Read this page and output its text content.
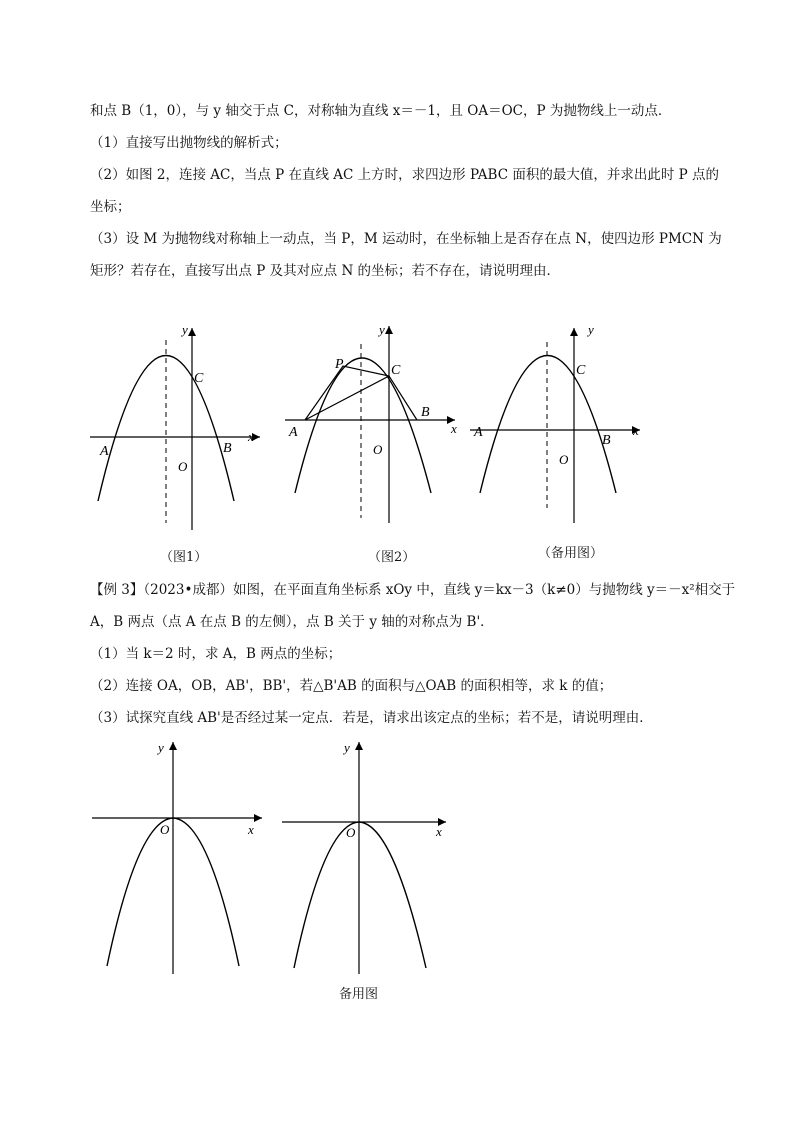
和点 B（1，0），与 y 轴交于点 C，对称轴为直线 x＝－1，且 OA＝OC，P 为抛物线上一动点．
（1）直接写出抛物线的解析式；
（2）如图 2，连接 AC，当点 P 在直线 AC 上方时，求四边形 PABC 面积的最大值，并求出此时 P 点的
坐标；
（3）设 M 为抛物线对称轴上一动点，当 P，M 运动时，在坐标轴上是否存在点 N，使四边形 PMCN 为
矩形？若存在，直接写出点 P 及其对应点 N 的坐标；若不存在，请说明理由．
y
x
O
A	B
C
（图1）
y
x
O
A
B
C
P
（图2）
y
x
O
A
B
C
（备用图）
【例 3】（2023•成都）如图，在平面直角坐标系 xOy 中，直线 y＝kx－3（k≠0）与抛物线 y＝－x²相交于
A，B 两点（点 A 在点 B 的左侧），点 B 关于 y 轴的对称点为 B'．
（1）当 k＝2 时，求 A，B 两点的坐标；
（2）连接 OA，OB，AB'，BB'，若△B'AB 的面积与△OAB 的面积相等，求 k 的值；
（3）试探究直线 AB'是否经过某一定点．若是，请求出该定点的坐标；若不是，请说明理由．
y
x
O
y
x
O
备用图
